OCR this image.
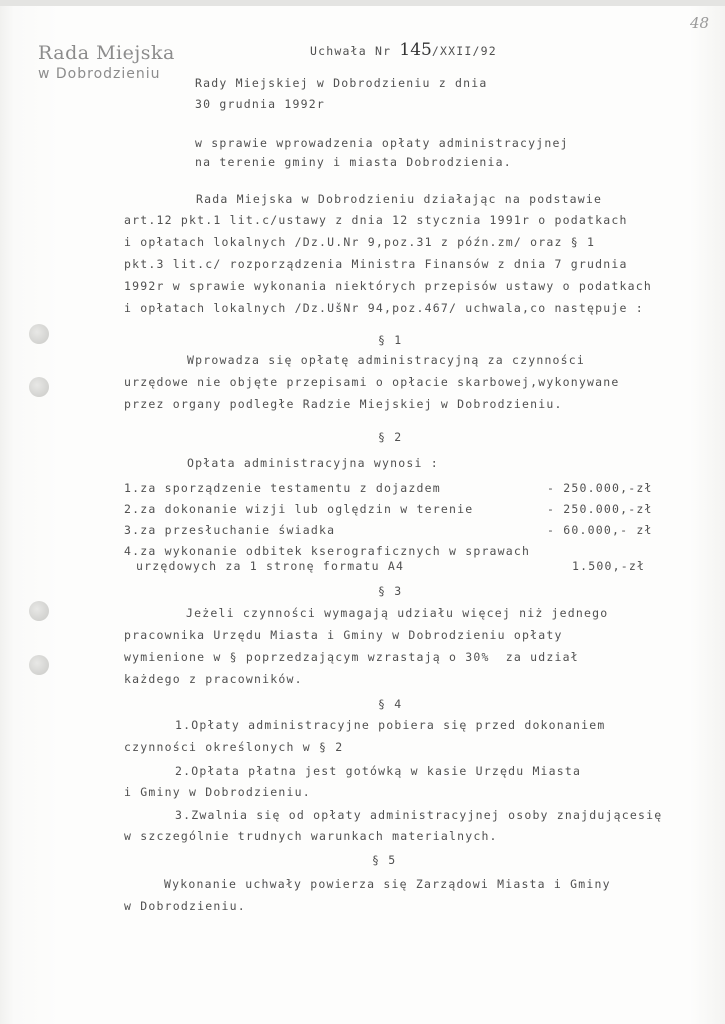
Rada Miejska
w Dobrodzieniu
48
Uchwała Nr 145/XXII/92
Rady Miejskiej w Dobrodzieniu z dnia
30 grudnia 1992r
w sprawie wprowadzenia opłaty administracyjnej
na terenie gminy i miasta Dobrodzienia.
Rada Miejska w Dobrodzieniu działając na podstawie
art.12 pkt.1 lit.c/ustawy z dnia 12 stycznia 1991r o podatkach
i opłatach lokalnych /Dz.U.Nr 9,poz.31 z późn.zm/ oraz § 1
pkt.3 lit.c/ rozporządzenia Ministra Finansów z dnia 7 grudnia
1992r w sprawie wykonania niektórych przepisów ustawy o podatkach
i opłatach lokalnych /Dz.UšNr 94,poz.467/ uchwala,co następuje :
§ 1
Wprowadza się opłatę administracyjną za czynności
urzędowe nie objęte przepisami o opłacie skarbowej,wykonywane
przez organy podległe Radzie Miejskiej w Dobrodzieniu.
§ 2
Opłata administracyjna wynosi :
1.za sporządzenie testamentu z dojazdem	- 250.000,-zł
2.za dokonanie wizji lub oględzin w terenie	- 250.000,-zł
3.za przesłuchanie świadka	- 60.000,- zł
4.za wykonanie odbitek kserograficznych w sprawach
urzędowych za 1 stronę formatu A4	1.500,-zł
§ 3
Jeżeli czynności wymagają udziału więcej niż jednego
pracownika Urzędu Miasta i Gminy w Dobrodzieniu opłaty
wymienione w § poprzedzającym wzrastają o 30%  za udział
każdego z pracowników.
§ 4
1.Opłaty administracyjne pobiera się przed dokonaniem
czynności określonych w § 2
2.Opłata płatna jest gotówką w kasie Urzędu Miasta
i Gminy w Dobrodzieniu.
3.Zwalnia się od opłaty administracyjnej osoby znajdującesię
w szczególnie trudnych warunkach materialnych.
§ 5
Wykonanie uchwały powierza się Zarządowi Miasta i Gminy
w Dobrodzieniu.
